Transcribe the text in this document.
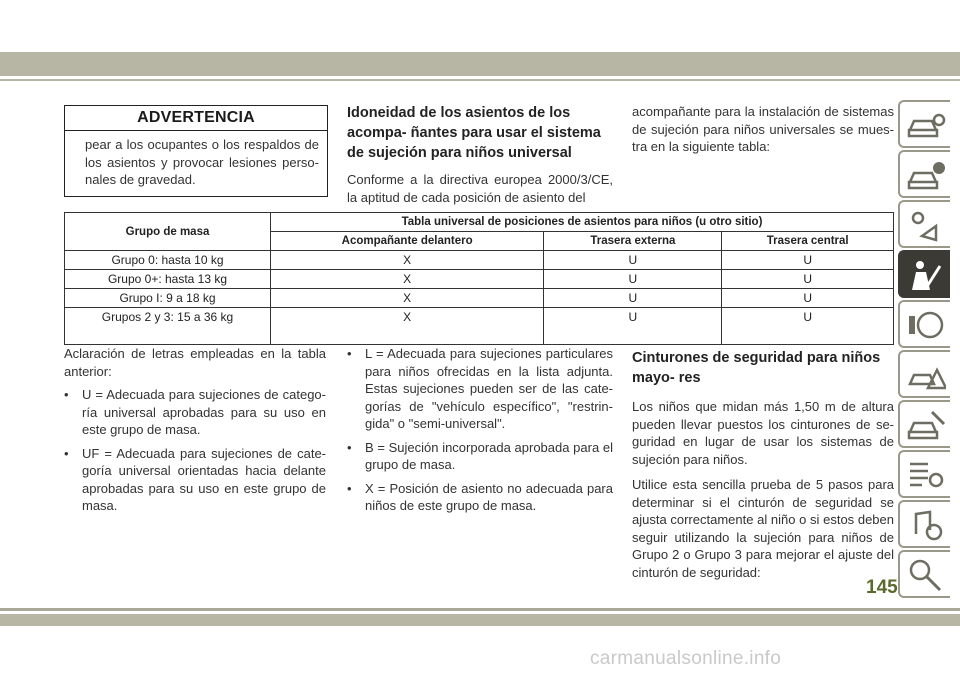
ADVERTENCIA
pear a los ocupantes o los respaldos de los asientos y provocar lesiones perso- nales de gravedad.
Idoneidad de los asientos de los acompa- ñantes para usar el sistema de sujeción para niños universal

Conforme a la directiva europea 2000/3/CE, la aptitud de cada posición de asiento del

acompañante para la instalación de sistemas de sujeción para niños universales se mues- tra en la siguiente tabla:

Grupo de masa	Tabla universal de posiciones de asientos para niños (u otro sitio)		
	Acompañante delantero	Trasera externa	Trasera central
Grupo 0: hasta 10 kg	X	U	U
Grupo 0+: hasta 13 kg	X	U	U
Grupo I: 9 a 18 kg	X	U	U
Grupos 2 y 3: 15 a 36 kg	X	U	U

Aclaración de letras empleadas en la tabla anterior:

• U = Adecuada para sujeciones de catego- ría universal aprobadas para su uso en este grupo de masa.
• UF = Adecuada para sujeciones de cate- goría universal orientadas hacia delante aprobadas para su uso en este grupo de masa.
• L = Adecuada para sujeciones particulares para niños ofrecidas en la lista adjunta. Estas sujeciones pueden ser de las cate- gorías de "vehículo específico", "restrin- gida" o "semi-universal".
• B = Sujeción incorporada aprobada para el grupo de masa.
• X = Posición de asiento no adecuada para niños de este grupo de masa.
Cinturones de seguridad para niños mayo- res

Los niños que midan más 1,50 m de altura pueden llevar puestos los cinturones de se- guridad en lugar de usar los sistemas de sujeción para niños.

Utilice esta sencilla prueba de 5 pasos para determinar si el cinturón de seguridad se ajusta correctamente al niño o si estos deben seguir utilizando la sujeción para niños de Grupo 2 o Grupo 3 para mejorar el ajuste del cinturón de seguridad:

145
carmanualsonline.info
